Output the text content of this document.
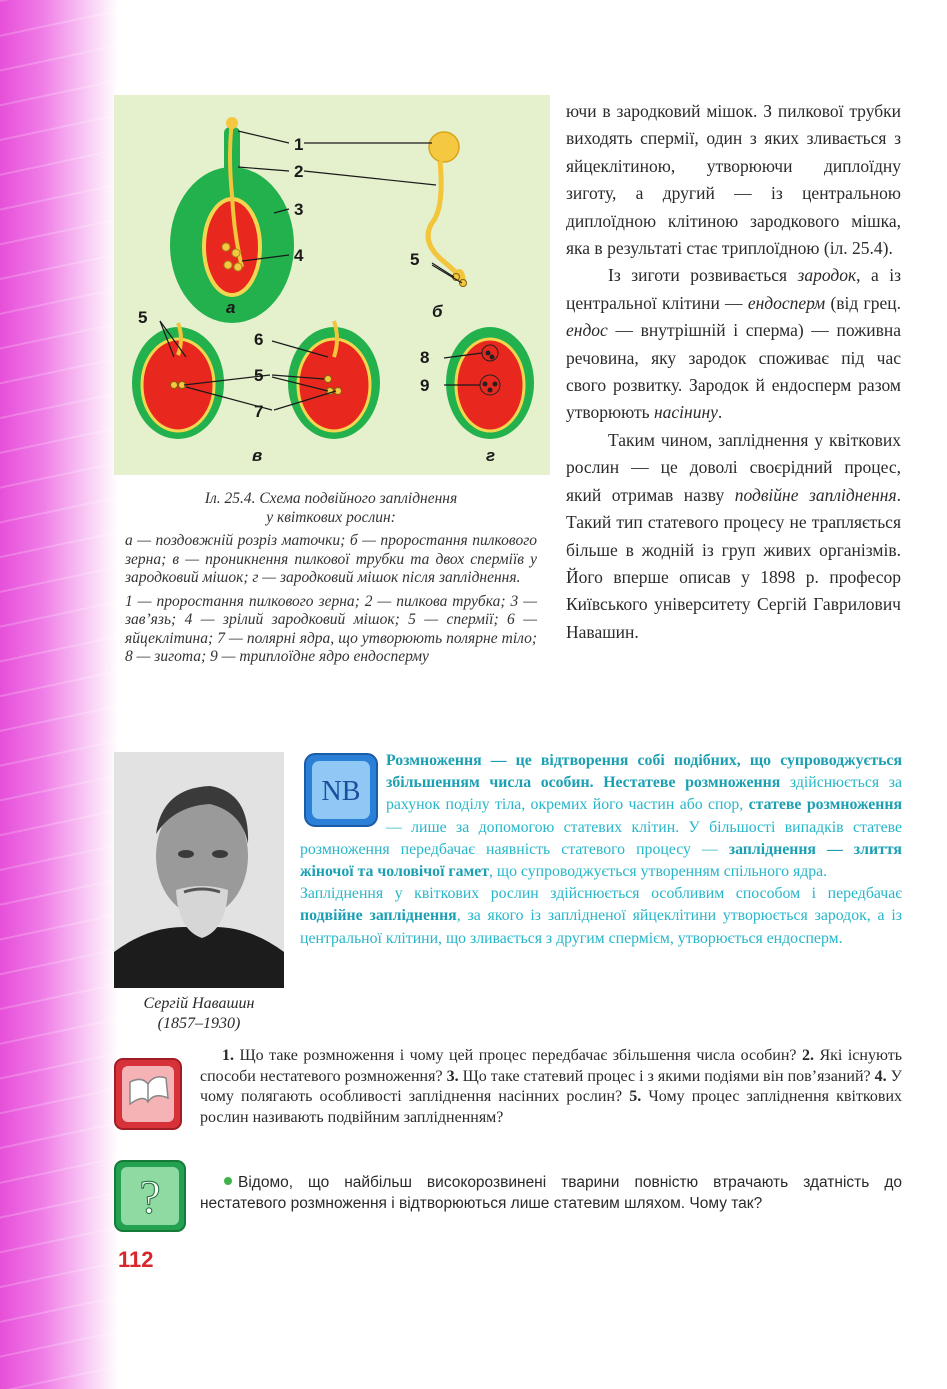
1
2
3
4	5
5
6
5
7
8
9
а	б
в	г
Іл. 25.4. Схема подвійного запліднення
у квіткових рослин:

а — поздовжній розріз маточки; б — проростання пилкового зерна; в — проникнення пилкової трубки та двох спермiїв у зародковий мішок; г — зародковий мішок після запліднення.

1 — проростання пилкового зерна; 2 — пилкова трубка; 3 — зав’язь; 4 — зрілий зародковий мішок; 5 — спермії; 6 — яйцеклітина; 7 — полярні ядра, що утворюють полярне тіло; 8 — зигота; 9 — триплоїдне ядро ендосперму

ючи в зародковий мішок. З пилкової трубки виходять спермії, один з яких зливається з яйцеклітиною, утворюючи диплоїдну зиготу, а другий — із центральною диплоїдною клітиною зародкового мішка, яка в результаті стає триплоїдною (іл. 25.4).

Із зиготи розвивається зародок, а із центральної клітини — ендосперм (від грец. ендос — внутрішній і сперма) — поживна речовина, яку зародок споживає під час свого розвитку. Зародок й ендосперм разом утворюють насінину.

Таким чином, запліднення у квіткових рослин — це доволі своєрідний процес, який отримав назву подвійне запліднення. Такий тип статевого процесу не трапляється більше в жодній із груп живих організмів. Його вперше описав у 1898 р. професор Київського університету Сергій Гаврилович Навашин.

Сергій Навашин
(1857–1930)
NB

Розмноження — це відтворення собі подібних, що супроводжується збільшенням числа особин. Нестатеве розмноження здійснюється за рахунок поділу тіла, окремих його частин або спор, статеве розмноження — лише за допомогою статевих клітин. У більшості випадків статеве розмноження передбачає наявність статевого процесу — запліднення — злиття жіночої та чоловічої гамет, що супроводжується утворенням спільного ядра.

Запліднення у квіткових рослин здійснюється особливим способом і передбачає подвійне запліднення, за якого із заплідненої яйцеклітини утворюється зародок, а із центральної клітини, що зливається з другим спермієм, утворюється ендосперм.

1. Що таке розмноження і чому цей процес передбачає збільшення числа особин? 2. Які існують способи нестатевого розмноження? 3. Що таке статевий процес і з якими подіями він пов’язаний? 4. У чому полягають особливості запліднення насінних рослин? 5. Чому процес запліднення квіткових рослин називають подвійним заплідненням?

?	Відомо, що найбільш високорозвинені тварини повністю втрачають здатність до нестатевого розмноження і відтворюються лише статевим шляхом. Чому так?

112
